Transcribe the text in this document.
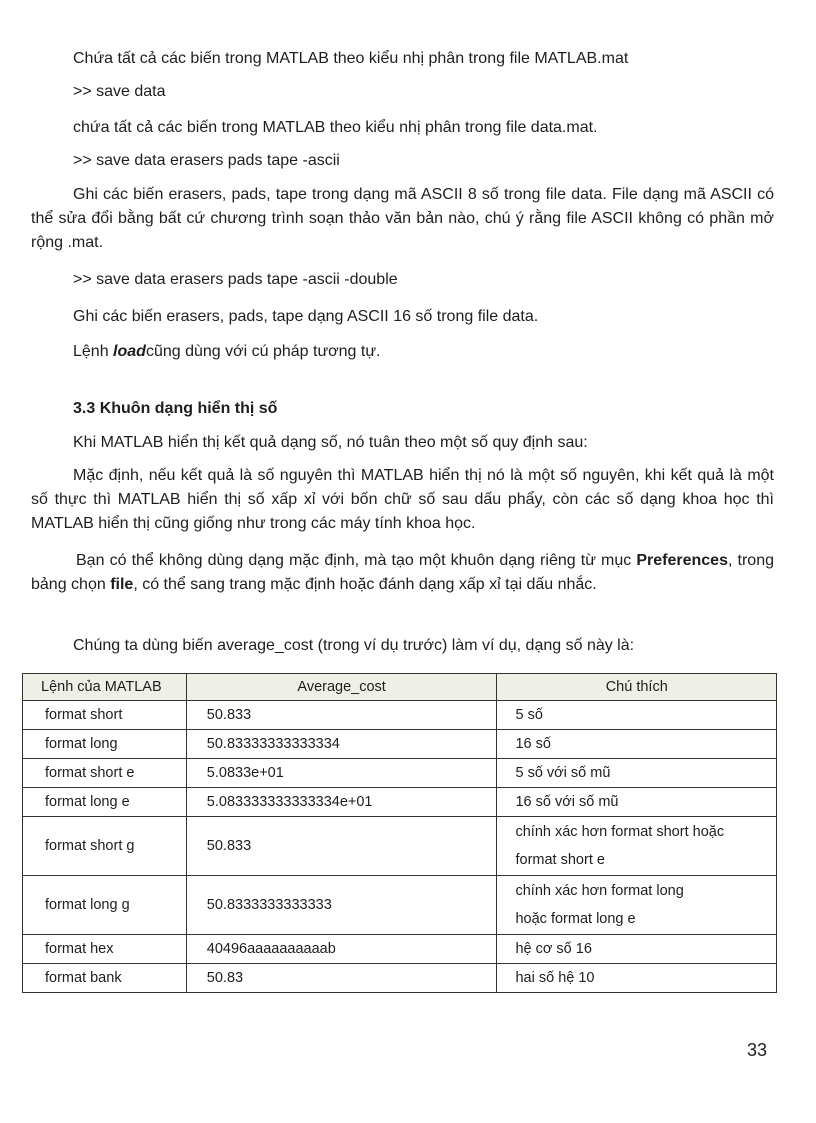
Chứa tất cả các biến trong MATLAB theo kiểu nhị phân trong file MATLAB.mat

>> save data

chứa tất cả các biến trong MATLAB theo kiểu nhị phân trong file data.mat.

>> save data erasers pads tape -ascii

Ghi các biến erasers, pads, tape trong dạng mã ASCII 8 số trong file data. File dạng mã ASCII có thể sửa đổi bằng bất cứ chương trình soạn thảo văn bản nào, chú ý rằng file ASCII không có phần mở rộng .mat.

>> save data erasers pads tape -ascii -double

Ghi các biến erasers, pads, tape dạng ASCII 16 số trong file data.

Lệnh loadcũng dùng với cú pháp tương tự.

3.3 Khuôn dạng hiển thị số

Khi MATLAB hiển thị kết quả dạng số, nó tuân theo một số quy định sau:

Mặc định, nếu kết quả là số nguyên thì MATLAB hiển thị nó là một số nguyên, khi kết quả là một số thực thì MATLAB hiển thị số xấp xỉ với bốn chữ số sau dấu phẩy, còn các số dạng khoa học thì MATLAB hiển thị cũng giống như trong các máy tính khoa học.

Bạn có thể không dùng dạng mặc định, mà tạo một khuôn dạng riêng từ mục Preferences, trong bảng chọn file, có thể sang trang mặc định hoặc đánh dạng xấp xỉ tại dấu nhắc.

Chúng ta dùng biến average_cost (trong ví dụ trước) làm ví dụ, dạng số này là:

Lệnh của MATLAB	Average_cost	Chú thích
format short	50.833	5 số
format long	50.83333333333334	16 số
format short e	5.0833e+01	5 số với số mũ
format long e	5.083333333333334e+01	16 số với số mũ
format short g	50.833	chính xác hơn format short hoặc
format short e

format long g	50.8333333333333	chính xác hơn format long
hoặc format long e

format hex	40496aaaaaaaaaab	hệ cơ số 16
format bank	50.83	hai số hệ 10
33
